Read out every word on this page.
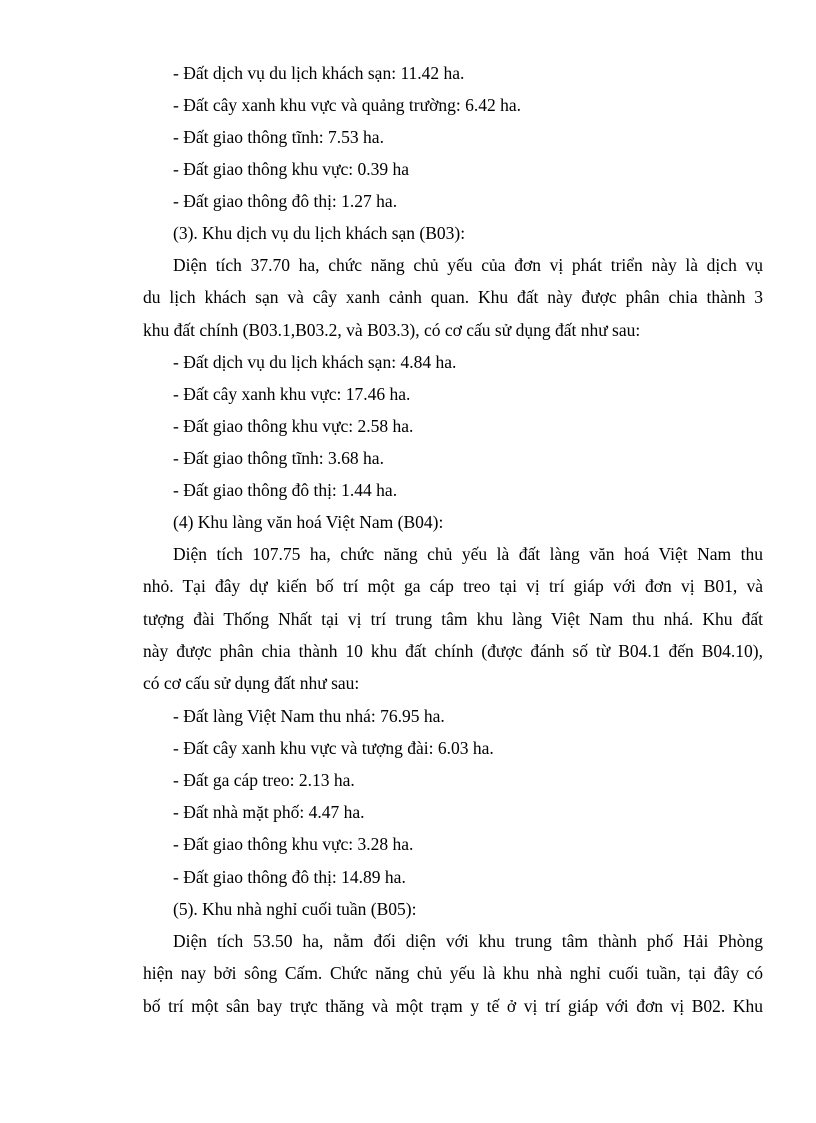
- Đất dịch vụ du lịch khách sạn: 11.42 ha.
- Đất cây xanh khu vực và quảng trường: 6.42 ha.
- Đất giao thông tĩnh: 7.53 ha.
- Đất giao thông khu vực: 0.39 ha
- Đất giao thông đô thị: 1.27 ha.
(3). Khu dịch vụ du lịch khách sạn (B03):
Diện tích 37.70 ha, chức năng chủ yếu của đơn vị phát triển này là dịch vụ
du lịch khách sạn và cây xanh cảnh quan. Khu đất này được phân chia thành 3
khu đất chính (B03.1,B03.2, và B03.3), có cơ cấu sử dụng đất như sau:
- Đất dịch vụ du lịch khách sạn: 4.84 ha.
- Đất cây xanh khu vực: 17.46 ha.
- Đất giao thông khu vực: 2.58 ha.
- Đất giao thông tĩnh: 3.68 ha.
- Đất giao thông đô thị: 1.44 ha.
(4) Khu làng văn hoá Việt Nam (B04):
Diện tích 107.75 ha, chức năng chủ yếu là đất làng văn hoá Việt Nam thu
nhỏ. Tại đây dự kiến bố trí một ga cáp treo tại vị trí giáp với đơn vị B01, và
tượng đài Thống Nhất tại vị trí trung tâm khu làng Việt Nam thu nhá. Khu đất
này được phân chia thành 10 khu đất chính (được đánh số từ B04.1 đến B04.10),
có cơ cấu sử dụng đất như sau:
- Đất làng Việt Nam thu nhá: 76.95 ha.
- Đất cây xanh khu vực và tượng đài: 6.03 ha.
- Đất ga cáp treo: 2.13 ha.
- Đất nhà mặt phố: 4.47 ha.
- Đất giao thông khu vực: 3.28 ha.
- Đất giao thông đô thị: 14.89 ha.
(5). Khu nhà nghỉ cuối tuần (B05):
Diện tích 53.50 ha, nằm đối diện với khu trung tâm thành phố Hải Phòng
hiện nay bởi sông Cấm. Chức năng chủ yếu là khu nhà nghỉ cuối tuần, tại đây có
bố trí một sân bay trực thăng và một trạm y tế ở vị trí giáp với đơn vị B02. Khu
